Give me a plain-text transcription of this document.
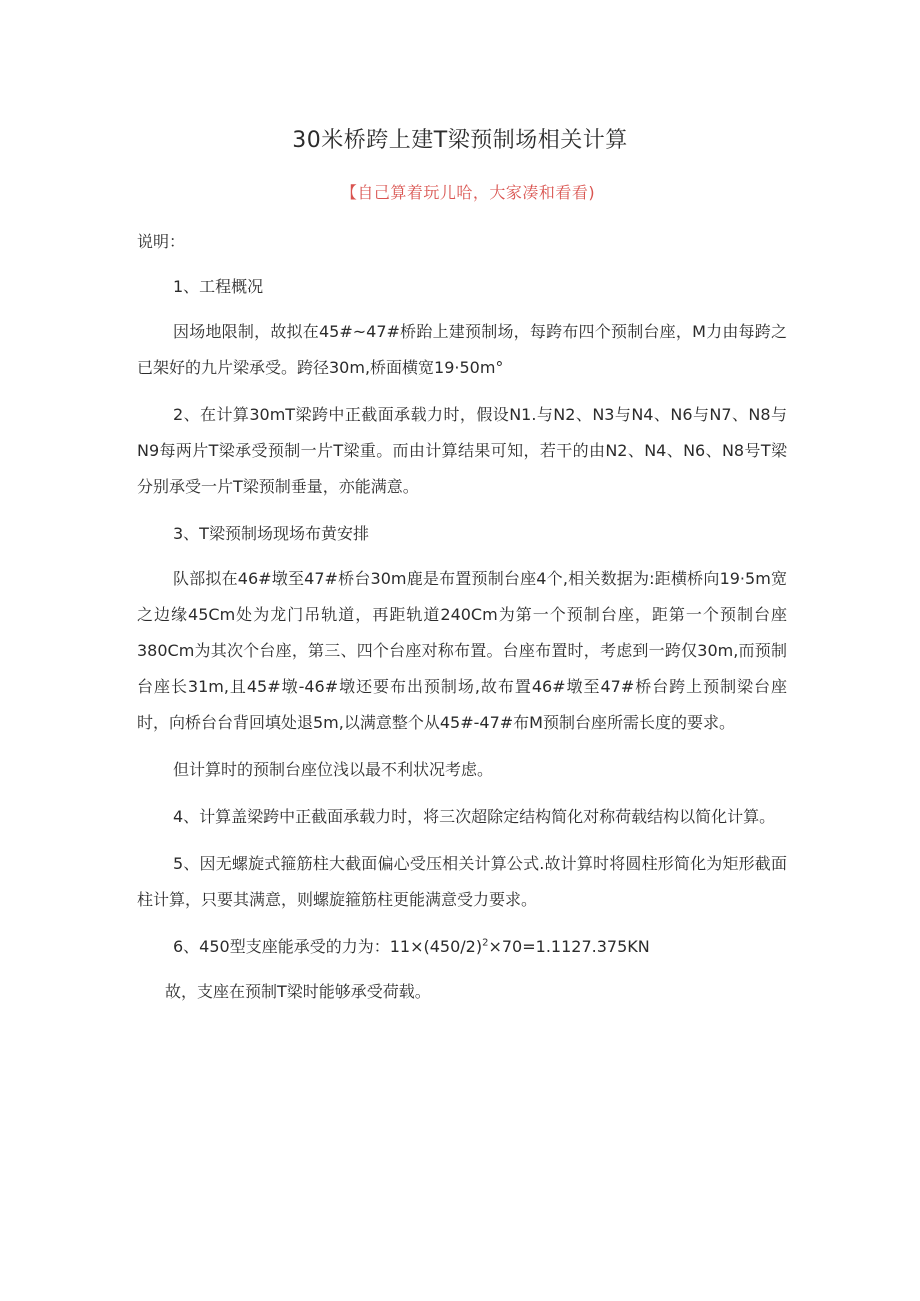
30米桥跨上建T梁预制场相关计算
【自己算着玩儿哈，大家凑和看看)

说明：

1、工程概况

因场地限制，故拟在45#~47#桥跆上建预制场，每跨布四个预制台座，M力由每跨之已架好的九片梁承受。跨径30m,桥面横宽19·50m°

2、在计算30mT梁跨中正截面承载力时，假设N1.与N2、N3与N4、N6与N7、N8与N9每两片T梁承受预制一片T梁重。而由计算结果可知，若干的由N2、N4、N6、N8号T梁分别承受一片T梁预制垂量，亦能满意。

3、T梁预制场现场布黄安排

队部拟在46#墩至47#桥台30m鹿是布置预制台座4个,相关数据为:距横桥向19·5m宽之边缘45Cm处为龙门吊轨道，再距轨道240Cm为第一个预制台座，距第一个预制台座380Cm为其次个台座，第三、四个台座对称布置。台座布置时，考虑到一跨仅30m,而预制台座长31m,且45#墩-46#墩还要布出预制场,故布置46#墩至47#桥台跨上预制梁台座时，向桥台台背回填处退5m,以满意整个从45#-47#布M预制台座所需长度的要求。

但计算时的预制台座位浅以最不利状况考虑。

4、计算盖梁跨中正截面承载力时，将三次超除定结构简化对称荷载结构以简化计算。

5、因无螺旋式箍筋柱大截面偏心受压相关计算公式.故计算时将圆柱形简化为矩形截面柱计算，只要其满意，则螺旋箍筋柱更能满意受力要求。

6、450型支座能承受的力为：$11\times(450/2)^2\times 70=1.1127.375KN$

故，支座在预制T梁时能够承受荷载。
